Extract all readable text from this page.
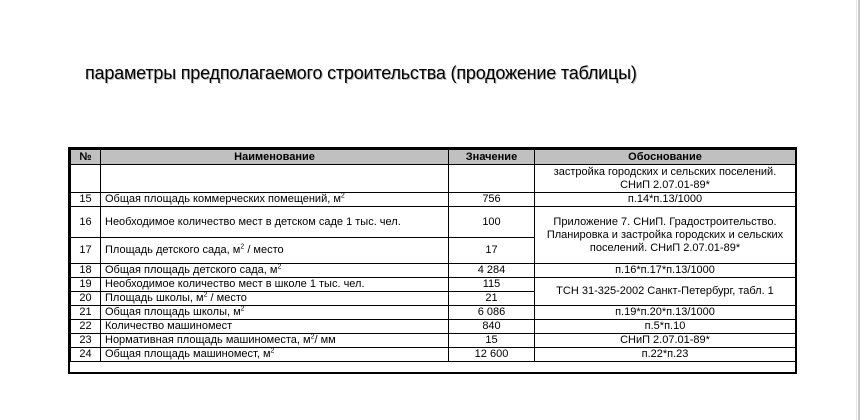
параметры предполагаемого строительства (продожение таблицы)
№	Наименование	Значение	Обоснование
			застройка городских и сельских поселений. СНиП 2.07.01-89*
15	Общая площадь коммерческих помещений, $м^2$	756	п.14*п.13/1000
16	Необходимое количество мест в детском саде 1 тыс. чел.	100	Приложение 7. СНиП. Градостроительство. Планировка и застройка городских и сельских поселений. СНиП 2.07.01-89*
17	Площадь детского сада, $м^2$ / место	17	
18	Общая площадь детского сада, $м^2$	4 284	п.16*п.17*п.13/1000
19	Необходимое количество мест в школе 1 тыс. чел.	115	ТСН 31-325-2002 Санкт-Петербург, табл. 1
20	Площадь школы, $м^2$ / место	21	
21	Общая площадь школы, $м^2$	6 086	п.19*п.20*п.13/1000
22	Количество машиномест	840	п.5*п.10
23	Нормативная площадь машиноместа, $м^2/$ мм	15	СНиП 2.07.01-89*
24	Общая площадь машиномест, $м^2$	12 600	п.22*п.23
